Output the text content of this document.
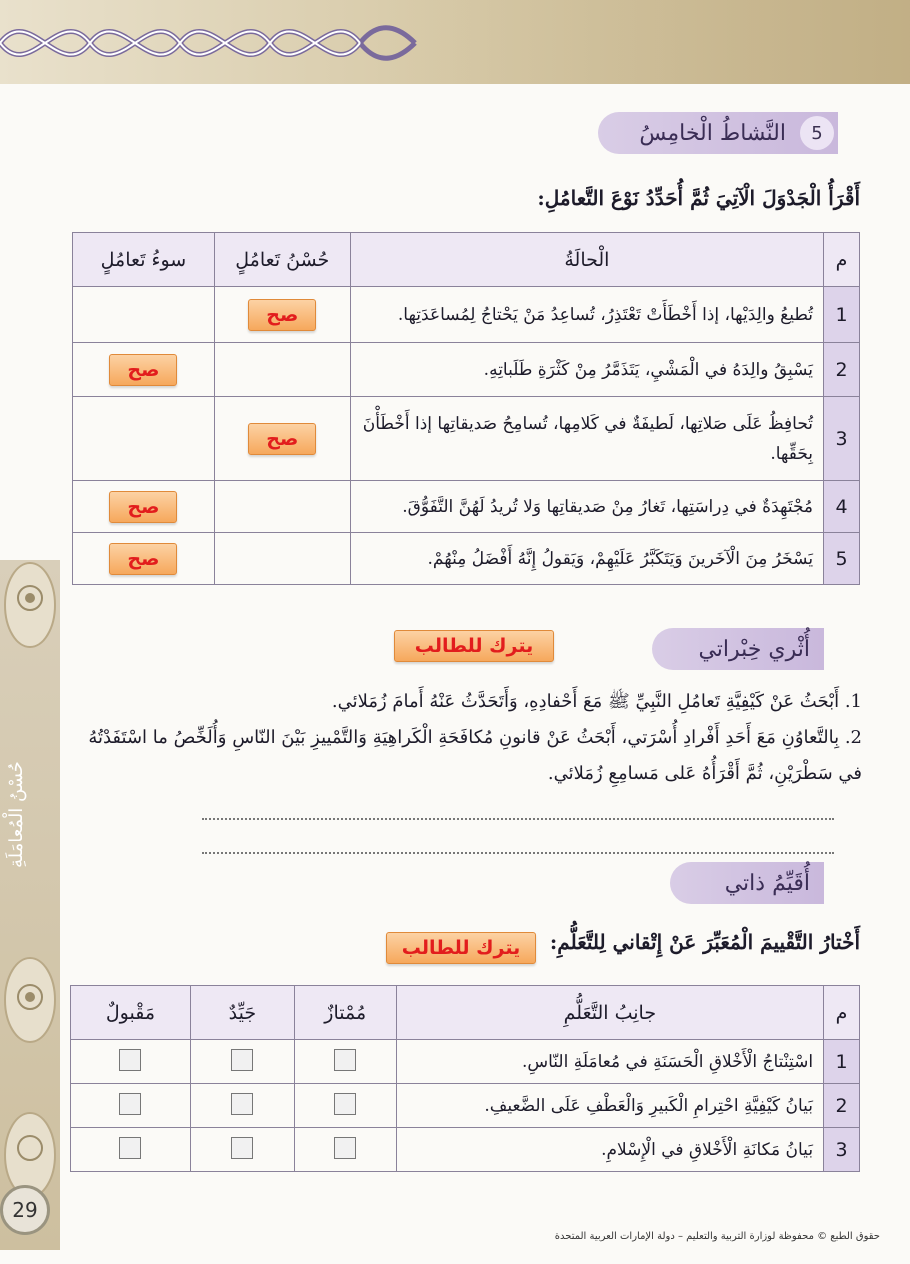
حُسْنُ الْمُعامَلَةِ
29
5
النَّشاطُ الْخامِسُ
أَقْرَأُ الْجَدْوَلَ الْآتِيَ ثُمَّ أُحَدِّدُ نَوْعَ التَّعامُلِ:
م	الْحالَةُ	حُسْنُ تَعامُلٍ	سوءُ تَعامُلٍ
1	تُطيعُ والِدَيْها، إذا أَخْطَأَتْ تَعْتَذِرُ، تُساعِدُ مَنْ يَحْتاجُ لِمُساعَدَتِها.	صح	
2	يَسْبِقُ والِدَهُ في الْمَشْيِ، يَتَذَمَّرُ مِنْ كَثْرَةِ طَلَباتِهِ.		صح
3	تُحافِظُ عَلَى صَلاتِها، لَطيفَةٌ في كَلامِها، تُسامِحُ صَديقاتِها إذا أَخْطَأْنَ بِحَقِّها.	صح	
4	مُجْتَهِدَةٌ في دِراسَتِها، تَغارُ مِنْ صَديقاتِها وَلا تُريدُ لَهُنَّ التَّفَوُّقَ.		صح
5	يَسْخَرُ مِنَ الْآخَرينَ وَيَتَكَبَّرُ عَلَيْهِمْ، وَيَقولُ إِنَّهُ أَفْضَلُ مِنْهُمْ.		صح
أُثْري خِبْراتي
يترك للطالب
1. أَبْحَثُ عَنْ كَيْفِيَّةِ تَعامُلِ النَّبِيِّ ﷺ مَعَ أَحْفادِهِ، وَأَتَحَدَّثُ عَنْهُ أَمامَ زُمَلائي.
2. بِالتَّعاوُنِ مَعَ أَحَدِ أَفْرادِ أُسْرَتي، أَبْحَثُ عَنْ قانونِ مُكافَحَةِ الْكَراهِيَةِ وَالتَّمْييزِ بَيْنَ النّاسِ وَأُلَخِّصُ ما اسْتَفَدْتُهُ في سَطْرَيْنِ، ثُمَّ أَقْرَأُهُ عَلى مَسامِعِ زُمَلائي.
أُقَيِّمُ ذاتي
أَخْتارُ التَّقْييمَ الْمُعَبِّرَ عَنْ إِتْقاني لِلتَّعَلُّمِ:
يترك للطالب
م	جانِبُ التَّعَلُّمِ	مُمْتازٌ	جَيِّدٌ	مَقْبولٌ
1	اسْتِنْتاجُ الْأَخْلاقِ الْحَسَنَةِ في مُعامَلَةِ النّاسِ.			
2	بَيانُ كَيْفِيَّةِ احْتِرامِ الْكَبيرِ وَالْعَطْفِ عَلَى الضَّعيفِ.			
3	بَيانُ مَكانَةِ الْأَخْلاقِ في الْإِسْلامِ.			
حقوق الطبع © محفوظة لوزارة التربية والتعليم – دولة الإمارات العربية المتحدة
